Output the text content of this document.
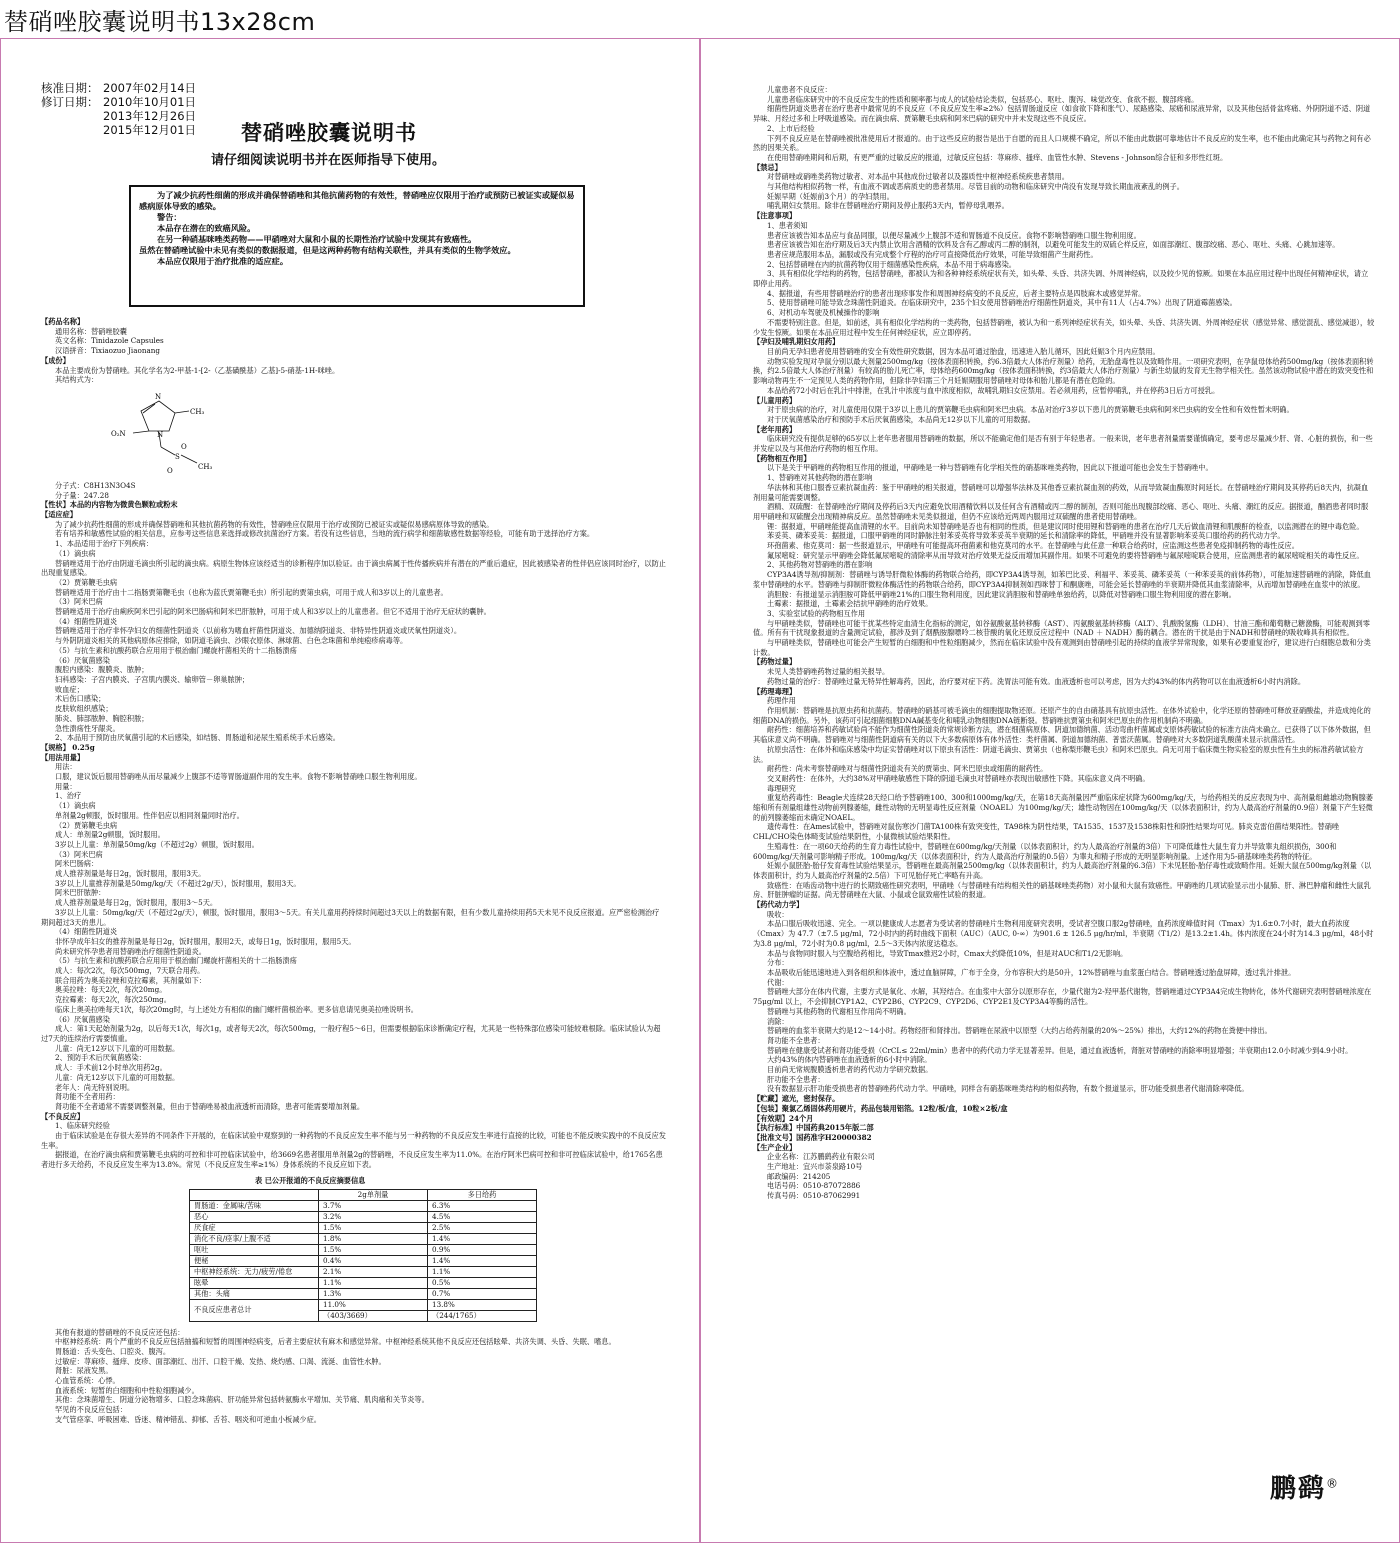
替硝唑胶囊说明书13x28cm
核准日期： 2007年02月14日
修订日期： 2010年10月01日
2013年12月26日
2015年12月01日 替硝唑胶囊说明书
请仔细阅读说明书并在医师指导下使用。

为了减少抗药性细菌的形成并确保替硝唑和其他抗菌药物的有效性，替硝唑应仅限用于治疗或预防已被证实或疑似易感病原体导致的感染。

警告：

本品存在潜在的致癌风险。

在另一种硝基咪唑类药物——甲硝唑对大鼠和小鼠的长期性治疗试验中发现其有致癌性。

虽然在替硝唑试验中未见有类似的数据报道，但是这两种药物有结构关联性，并具有类似的生物学效应。

本品应仅限用于治疗批准的适应症。

【药品名称】

通用名称：替硝唑胶囊

英文名称：Tinidazole Capsules

汉语拼音：Tixiaozuo Jiaonang

【成份】

本品主要成份为替硝唑。其化学名为2-甲基-1-[2-（乙基磺酰基）乙基]-5-硝基-1H-咪唑。

其结构式为：

N
N
CH₃
O₂N
S
O
O
CH₃

分子式：C8H13N3O4S

分子量：247.28

【性状】本品的内容物为微黄色颗粒或粉末

【适应症】

为了减少抗药性细菌的形成并确保替硝唑和其他抗菌药物的有效性，替硝唑应仅限用于治疗或预防已被证实或疑似易感病原体导致的感染。

若有培养和敏感性试验的相关信息，应参考这些信息来选择或修改抗菌治疗方案。若没有这些信息，当地的流行病学和细菌敏感性数据等经验，可能有助于选择治疗方案。

1、本品适用于治疗下列疾病：

（1）滴虫病

替硝唑适用于治疗由阴道毛滴虫所引起的滴虫病。病原生物体应该经适当的诊断程序加以验证。由于滴虫病属于性传播疾病并有潜在的严重后遗症，因此被感染者的性伴侣应该同时治疗，以防止出现重复感染。

（2）贾第鞭毛虫病

替硝唑适用于治疗由十二指肠贾第鞭毛虫（也称为蓝氏贾第鞭毛虫）所引起的贾第虫病，可用于成人和3岁以上的儿童患者。

（3）阿米巴病

替硝唑适用于治疗由痢疾阿米巴引起的阿米巴肠病和阿米巴肝脓肿，可用于成人和3岁以上的儿童患者。但它不适用于治疗无症状的囊肿。

（4）细菌性阴道炎

替硝唑适用于治疗非怀孕妇女的细菌性阴道炎（以前称为嗜血杆菌性阴道炎、加德纳阴道炎、非特异性阴道炎或厌氧性阴道炎）。

与外阴阴道炎相关的其他病原体应排除，如阴道毛滴虫、沙眼衣原体、淋球菌、白色念珠菌和单纯疱疹病毒等。

（5）与抗生素和抗酸药联合应用用于根治幽门螺旋杆菌相关的十二指肠溃疡

（6）厌氧菌感染

腹腔内感染：腹膜炎、脓肿；

妇科感染：子宫内膜炎、子宫肌内膜炎、输卵管－卵巢脓肿；

败血症；

术后伤口感染；

皮肤软组织感染；

肺炎、肺部脓肿、胸腔积脓；

急性溃疡性牙龈炎。

2、本品用于预防由厌氧菌引起的术后感染，如结肠、胃肠道和泌尿生殖系统手术后感染。

【规格】 0.25g

【用法用量】

用法：

口服，建议饭后服用替硝唑从而尽量减少上腹部不适等胃肠道副作用的发生率。食物不影响替硝唑口服生物利用度。

用量：

1、治疗

（1）滴虫病

单剂量2g顿服，饭时服用。性伴侣应以相同剂量同时治疗。

（2）贾第鞭毛虫病

成人：单剂量2g顿服，饭时服用。

3岁以上儿童：单剂量50mg/kg（不超过2g）顿服，饭时服用。

（3）阿米巴病

阿米巴肠病：

成人推荐剂量是每日2g，饭时服用，服用3天。

3岁以上儿童推荐剂量是50mg/kg/天（不超过2g/天），饭时服用，服用3天。

阿米巴肝脓肿：

成人推荐剂量是每日2g，饭时服用，服用3～5天。

3岁以上儿童：50mg/kg/天（不超过2g/天），顿服，饭时服用，服用3～5天。有关儿童用药持续时间超过3天以上的数据有限，但有少数儿童持续用药5天未见不良反应报道。应严密检测治疗期间超过3天的患儿。

（4）细菌性阴道炎

非怀孕成年妇女的推荐剂量是每日2g，饭时服用，服用2天，或每日1g，饭时服用，服用5天。

尚未研究怀孕患者用替硝唑治疗细菌性阴道炎。

（5）与抗生素和抗酸药联合应用用于根治幽门螺旋杆菌相关的十二指肠溃疡

成人：每次2次，每次500mg，7天联合用药。

联合用药为奥美拉唑和克拉霉素，其剂量如下：

奥美拉唑：每天2次，每次20mg。

克拉霉素：每天2次，每次250mg。

临床上奥美拉唑每天1次，每次20mg时，与上述处方有相似的幽门螺杆菌根治率。更多信息请见奥美拉唑说明书。

（6）厌氧菌感染

成人：第1天起始剂量为2g，以后每天1次，每次1g，或者每天2次，每次500mg，一般疗程5～6日，但需要根据临床诊断确定疗程，尤其是一些特殊部位感染可能较难根除。临床试验认为超过7天的连续治疗需要慎重。

儿童：尚无12岁以下儿童的可用数据。

2、预防手术后厌氧菌感染：

成人：手术前12小时单次用药2g。

儿童：尚无12岁以下儿童的可用数据。

老年人：尚无特别说明。

肾功能不全者用药：

肾功能不全者通常不需要调整剂量，但由于替硝唑易被血液透析而清除，患者可能需要增加剂量。

【不良反应】

1、临床研究经验

由于临床试验是在存很大差异的不同条件下开展的，在临床试验中观察到的一种药物的不良反应发生率不能与另一种药物的不良反应发生率进行直接的比较，可能也不能反映实践中的不良反应发生率。

据报道，在治疗滴虫病和贾第鞭毛虫病的可控和非可控临床试验中，给3669名患者服用单剂量2g的替硝唑，不良反应发生率为11.0%。在治疗阿米巴病可控和非可控临床试验中，给1765名患者进行多天给药，不良反应发生率为13.8%。常见（不良反应发生率≥1%）身体系统的不良反应如下表。

表 已公开报道的不良反应摘要信息
	2g单剂量	多日给药
胃肠道：金属味/苦味	3.7%	6.3%
恶心	3.2%	4.5%
厌食症	1.5%	2.5%
消化不良/痉挛/上腹不适	1.8%	1.4%
呕吐	1.5%	0.9%
便秘	0.4%	1.4%
中枢神经系统：无力/疲劳/倦怠	2.1%	1.1%
眩晕	1.1%	0.5%
其他：头痛	1.3%	0.7%
不良反应患者总计	11.0%	13.8%
	（403/3669）	（244/1765）

其他有报道的替硝唑的不良反应还包括：

中枢神经系统：两个严重的不良反应包括抽搐和短暂的周围神经病变，后者主要症状有麻木和感觉异常。中枢神经系统其他不良反应还包括眩晕、共济失调、头昏、失眠、嗜息。

胃肠道：舌头变色、口腔炎、腹泻。

过敏症：荨麻疹、搔痒、皮疹、面部潮红、出汗、口腔干燥、发热、烧灼感、口渴、流涎、血管性水肿。

肾脏：尿液发黑。

心血管系统：心悸。

血液系统：短暂的白细胞和中性粒细胞减少。

其他：念珠菌增生、阴道分泌物增多、口腔念珠菌病、肝功能异常包括转氨酶水平增加、关节痛、肌肉痛和关节炎等。

罕见的不良反应包括：

支气管痉挛、呼吸困难、昏迷、精神错乱、抑郁、舌苔、咽炎和可逆血小板减少症。

儿童患者不良反应：

儿童患者临床研究中的不良反应发生的性质和频率都与成人的试验结论类似，包括恶心、呕吐、腹泻、味觉改变、食欲不振、腹部疼痛。

细菌性阴道炎患者在治疗患者中最常见的不良反应（不良反应发生率≥2%）包括胃肠道反应（如食欲下降和胀气）、尿路感染、尿痛和尿液异常，以及其他包括骨盆疼痛、外阴阴道不适、阴道异味、月经过多和上呼吸道感染。而在滴虫病、贾第鞭毛虫病和阿米巴病的研究中并未发现这些不良反应。

2、上市后经验

下列不良反应是在替硝唑被批准使用后才报道的。由于这些反应的报告是出于自愿的而且人口规模不确定，所以不能由此数据可靠地估计不良反应的发生率，也不能由此确定其与药物之间有必然的因果关系。

在使用替硝唑期间和后期，有更严重的过敏反应的报道，过敏反应包括：荨麻疹、搔痒、血管性水肿、Stevens - Johnson综合征和多形性红斑。

【禁忌】

对替硝唑或硝唑类药物过敏者、对本品中其他成份过敏者以及器质性中枢神经系统疾患者禁用。

与其他结构相似药物一样，有血液不调或恶病质史的患者禁用。尽管目前的动物和临床研究中尚没有发现导致长期血液紊乱的例子。

妊娠早期（妊娠前3个月）的孕妇禁用。

哺乳期妇女禁用。除非在替硝唑治疗期间及停止服药3天内，暂停母乳喂养。

【注意事项】

1、患者须知

患者应该被告知本品应与食品同服，以便尽量减少上腹部不适和胃肠道不良反应。食物不影响替硝唑口服生物利用度。

患者应该被告知在治疗期及后3天内禁止饮用含酒精的饮料及含有乙醇或丙二醇的制剂，以避免可能发生的双硫仑样反应，如面部潮红、腹部绞痛、恶心、呕吐、头痛、心跳加速等。

患者应规范服用本品，漏服或没有完成整个疗程的治疗可直接降低治疗效果，可能导致细菌产生耐药性。

2、包括替硝唑在内的抗菌药物仅用于细菌感染性疾病，本品不用于病毒感染。

3、具有相似化学结构的药物，包括替硝唑，都被认为和各种神经系统症状有关，如头晕、头昏、共济失调、外周神经病，以及较少见的惊厥。如果在本品应用过程中出现任何精神症状，请立即停止用药。

4、据报道，有些用替硝唑治疗的患者出现疹事发作和周围神经病变的不良反应，后者主要特点是四肢麻木或感觉异常。

5、使用替硝唑可能导致念珠菌性阴道炎。在临床研究中，235个妇女使用替硝唑治疗细菌性阴道炎，其中有11人（占4.7%）出现了阴道霉菌感染。

6、对机动车驾驶及机械操作的影响

不需要特别注意。但是，如前述，具有相似化学结构的一类药物，包括替硝唑，被认为和一系列神经症状有关，如头晕、头昏、共济失调、外周神经症状（感觉异常、感觉混乱、感觉减退），较少发生惊厥。如果在本品应用过程中发生任何神经症状，应立即停药。

【孕妇及哺乳期妇女用药】

目前尚无孕妇患者使用替硝唑的安全有效性研究数据，因为本品可通过胎盘，迅速进入胎儿循环，因此妊娠3个月内应禁用。

动物实验发现对孕鼠分别以最大剂量2500mg/kg（按体表面积转换，约6.3倍最大人体治疗剂量）给药，无胎盘毒性以及致畸作用。一项研究表明，在孕鼠母体给药500mg/kg（按体表面积转换，约2.5倍最大人体治疗剂量）有较高的胎儿死亡率，母体给药600mg/kg（按体表面积转换，约3倍最大人体治疗剂量）与新生幼鼠的发育无生物学相关性。虽然该动物试验中潜在的致突变性和影响动物再生不一定预见人类的药物作用，但除非孕妇需三个月妊娠期服用替硝唑对母体和胎儿都是有潜在危险的。

本品给药72小时后在乳汁中排泄，在乳汁中浓度与血中浓度相似，故哺乳期妇女应禁用。若必须用药，应暂停哺乳，并在停药3日后方可授乳。

【儿童用药】

对于原虫病的治疗，对儿童使用仅限于3岁以上患儿的贾第鞭毛虫病和阿米巴虫病。本品对治疗3岁以下患儿的贾第鞭毛虫病和阿米巴虫病的安全性和有效性暂未明确。

对于厌氧菌感染治疗和预防手术后厌氧菌感染，本品尚无12岁以下儿童的可用数据。

【老年用药】

临床研究没有提供足够的65岁以上老年患者服用替硝唑的数据，所以不能确定他们是否有别于年轻患者。一般来说，老年患者剂量需要谨慎确定，要考虑尽量减少肝、肾、心脏的损伤，和一些并发症以及与其他治疗药物的相互作用。

【药物相互作用】

以下是关于甲硝唑的药物相互作用的报道，甲硝唑是一种与替硝唑有化学相关性的硝基咪唑类药物，因此以下报道可能也会发生于替硝唑中。

1、替硝唑对其他药物的潜在影响

华法林和其他口服香豆素抗凝血药：鉴于甲硝唑的相关报道，替硝唑可以增强华法林及其他香豆素抗凝血剂的药效，从而导致凝血酶原时间延长。在替硝唑治疗期间及其停药后8天内，抗凝血剂用量可能需要调整。

酒精、双硫醒：在替硝唑治疗期间及停药后3天内应避免饮用酒精饮料以及任何含有酒精或丙二醇的制剂，否则可能出现腹部绞痛、恶心、呕吐、头痛、潮红的反应。据报道，酗酒患者同时服用甲硝唑和双硫醒会出现精神病反应。虽然替硝唑未见类似报道，但仍不应该给近两周内服用过双硫醒的患者使用替硝唑。

锂：据报道，甲硝唑能提高血清锂的水平。目前尚未知替硝唑是否也有相同的性质，但是建议同时使用锂和替硝唑的患者在治疗几天后做血清锂和肌酸酐的检查，以监测潜在的锂中毒危险。

苯妥英、磷苯妥英：据报道，口服甲硝唑的同时静脉注射苯妥英将导致苯妥英半衰期的延长和清除率的降低，甲硝唑并没有显著影响苯妥英口服给药的药代动力学。

环孢菌素、他克莫司：据一些报道显示，甲硝唑有可能提高环孢菌素和他克莫司的水平。在替硝唑与此任意一种联合给药时，应监测这些患者免疫抑制药物的毒性反应。

氟尿嘧啶：研究显示甲硝唑会降低氟尿嘧啶的清除率从而导致对治疗效果无益反而增加其副作用。如果不可避免的要将替硝唑与氟尿嘧啶联合使用，应监测患者的氟尿嘧啶相关的毒性反应。

2、其他药物对替硝唑的潜在影响

CYP3A4诱导剂/抑制剂：替硝唑与诱导肝微粒体酶的药物联合给药，即CYP3A4诱导剂，如苯巴比妥、利福平、苯妥英、磷苯妥英（一种苯妥英的前体药物），可能加速替硝唑的消除，降低血浆中替硝唑的水平。替硝唑与抑制肝微粒体酶活性的药物联合给药，即CYP3A4抑制剂如西咪替丁和酮康唑，可能会延长替硝唑的半衰期并降低其血浆清除率，从而增加替硝唑在血浆中的浓度。

消胆胺：有报道显示消胆胺可降低甲硝唑21%的口服生物利用度，因此建议消胆胺和替硝唑单独给药，以降低对替硝唑口服生物利用度的潜在影响。

土霉素：据报道，土霉素会拮抗甲硝唑的治疗效果。

3、实验室试验的药物相互作用

与甲硝唑类似，替硝唑也可能干扰某些特定血清生化指标的测定，如谷氨酸氨基转移酶（AST）、丙氨酸氨基转移酶（ALT）、乳酸脱氢酶（LDH）、甘油三酯和葡萄糖己糖激酶，可能观测到零值。所有有干扰现象报道的含量测定试验，都涉及到了烟酰胺腺嘌呤二核苷酸的氧化还原反应过程中（NAD ＋ NADH）酶的耦合。潜在的干扰是由于NADH和替硝唑的吸收峰具有相似性。

与甲硝唑类似，替硝唑也可能会产生短暂的白细胞和中性粒细胞减少，然而在临床试验中没有观测到由替硝唑引起的持续的血液学异常现象，如果有必要重复治疗，建议进行白细胞总数和分类计数。

【药物过量】

未见人类替硝唑药物过量的相关报导。

药物过量的治疗：替硝唑过量无特异性解毒药，因此，治疗要对症下药。洗胃法可能有效。血液透析也可以考虑，因为大约43%的体内药物可以在血液透析6小时内消除。

【药理毒理】

药理作用

作用机制：替硝唑是抗原虫药和抗菌药。替硝唑的硝基可被毛滴虫的细胞提取物还原。还原产生的自由硝基具有抗原虫活性。在体外试验中，化学还原的替硝唑可释放亚硝酸盐，并造成纯化的细菌DNA的损伤。另外，该药可引起细菌细胞DNA碱基变化和哺乳动物细胞DNA链断裂。替硝唑抗贾第虫和阿米巴原虫的作用机制尚不明确。

耐药性：细菌培养和药敏试验尚不能作为细菌性阴道炎的常规诊断方法，潜在细菌病原体、阴道加德纳菌、活动弯曲杆菌属或支原体药敏试验的标准方法尚未确立。已获得了以下体外数据，但其临床意义尚不明确。替硝唑对与细菌性阴道病有关的以下大多数病原体有体外活性：类杆菌属、阴道加德纳菌、普雷沃菌属。替硝唑对大多数阴道乳酸菌未显示抗菌活性。

抗原虫活性：在体外和临床感染中均证实替硝唑对以下原虫有活性：阴道毛滴虫、贾第虫（也称梨形鞭毛虫）和阿米巴原虫。尚无可用于临床微生物实验室的原虫性有生虫的标准药敏试验方法。

耐药性：尚未考察替硝唑对与细菌性阴道炎有关的贾第虫、阿米巴原虫或细菌的耐药性。

交叉耐药性：在体外，大约38%对甲硝唑敏感性下降的阴道毛滴虫对替硝唑亦表现出敏感性下降。其临床意义尚不明确。

毒理研究

重复给药毒性：Beagle犬连续28天经口给予替硝唑100、300和1000mg/kg/天，在第18天高剂量因严重临床症状降为600mg/kg/天，与给药相关的反应表现为中、高剂量组雌雄动物胸腺萎缩和所有剂量组雄性动物前列腺萎缩，雌性动物的无明显毒性反应剂量（NOAEL）为100mg/kg/天；雄性动物因在100mg/kg/天（以体表面积计，约为人最高治疗剂量的0.9倍）剂量下产生轻微的前列腺萎缩而未确定NOAEL。

遗传毒性：在Ames试验中，替硝唑对鼠伤寒沙门菌TA100株有致突变性，TA98株为阴性结果，TA1535、1537及1538株阳性和阴性结果均可见。肺炎克雷伯菌结果阳性。替硝唑CHL/CHO染色体畸变试验结果阴性，小鼠微核试验结果阳性。

生殖毒性：在一项60天给药的生育力毒性试验中，替硝唑在600mg/kg/天剂量（以体表面积计，约为人最高治疗剂量的3倍）下可降低雄性大鼠生育力并导致睾丸组织损伤，300和600mg/kg/天剂量可影响精子形成。100mg/kg/天（以体表面积计，约为人最高治疗剂量的0.5倍）为睾丸和精子形成的无明显影响剂量。上述作用为5-硝基咪唑类药物的特征。

妊娠小鼠胚胎-胎仔发育毒性试验结果显示，替硝唑在最高剂量2500mg/kg（以体表面积计，约为人最高治疗剂量的6.3倍）下未见胚胎-胎仔毒性或致畸作用。妊娠大鼠在500mg/kg剂量（以体表面积计，约为人最高治疗剂量的2.5倍）下可见胎仔死亡率略有升高。

致癌性：在啮齿动物中进行的长期致癌性研究表明，甲硝唑（与替硝唑有结构相关性的硝基咪唑类药物）对小鼠和大鼠有致癌性。甲硝唑的几项试验显示出小鼠肺、肝、淋巴肿瘤和雌性大鼠乳房、肝脏肿瘤的证据。尚无替硝唑在大鼠、小鼠或仓鼠致癌性试验的报道。

【药代动力学】

吸收：

本品口服后吸收迅速、完全。一项以健康成人志愿者为受试者的替硝唑片生物利用度研究表明，受试者空腹口服2g替硝唑，血药浓度峰值时间（Tmax）为1.6±0.7小时，最大血药浓度（Cmax）为 47.7（±7.5 μg/ml，72小时内的药时曲线下面积（AUC）（AUC, 0-∞）为901.6 ± 126.5 μg/hr/ml，半衰期（T1/2）是13.2±1.4h。体内浓度在24小时为14.3 μg/ml，48小时为3.8 μg/ml，72小时为0.8 μg/ml，2.5～3天体内浓度达稳态。

本品与食物同时服入与空腹给药相比，导致Tmax推迟2小时，Cmax大约降低10%，但是对AUC和T1/2无影响。

分布：

本品吸收后能迅速地进入到各组织和体液中，透过血脑屏障，广布于全身，分布容积大约是50升，12%替硝唑与血浆蛋白结合。替硝唑透过胎盘屏障，透过乳汁排泄。

代谢：

替硝唑大部分在体内代谢，主要方式是氧化、水解，其羟结合。在血浆中大部分以原形存在，少量代谢为2-羟甲基代谢物，替硝唑通过CYP3A4完成生物转化，体外代谢研究表明替硝唑浓度在75μg/ml 以上，不会抑制CYP1A2、CYP2B6、CYP2C9、CYP2D6、CYP2E1及CYP3A4等酶的活性。

替硝唑与其他药物的代谢相互作用尚不明确。

消除：

替硝唑的血浆半衰期大约是12～14小时。药物经肝和肾排出。替硝唑在尿液中以原型（大约占给药剂量的20%～25%）排出，大约12%的药物在粪便中排出。

肾功能不全患者：

替硝唑在健康受试者和肾功能受损（CrCL≤ 22ml/min）患者中的药代动力学无显著差异。但是，通过血液透析，肾脏对替硝唑的消除率明显增强；半衰期由12.0小时减少到4.9小时。

大约43%的体内替硝唑在血液透析的6小时中消除。

目前尚无常规腹膜透析患者的药代动力学研究数据。

肝功能不全患者：

没有数据显示肝功能受损患者的替硝唑药代动力学。甲硝唑，同样含有硝基咪唑类结构的相似药物，有数个报道显示，肝功能受损患者代谢清除率降低。

【贮藏】遮光，密封保存。

【包装】聚氯乙烯固体药用硬片，药品包装用铝箔。12粒/板/盒，10粒×2板/盒

【有效期】24个月

【执行标准】中国药典2015年版二部

【批准文号】国药准字H20000382

【生产企业】

企业名称：江苏鹏鹞药业有限公司

生产地址：宜兴市荼泉路10号

邮政编码：214205

电话号码：0510-87072886

传真号码：0510-87062991

鹏鹞®
